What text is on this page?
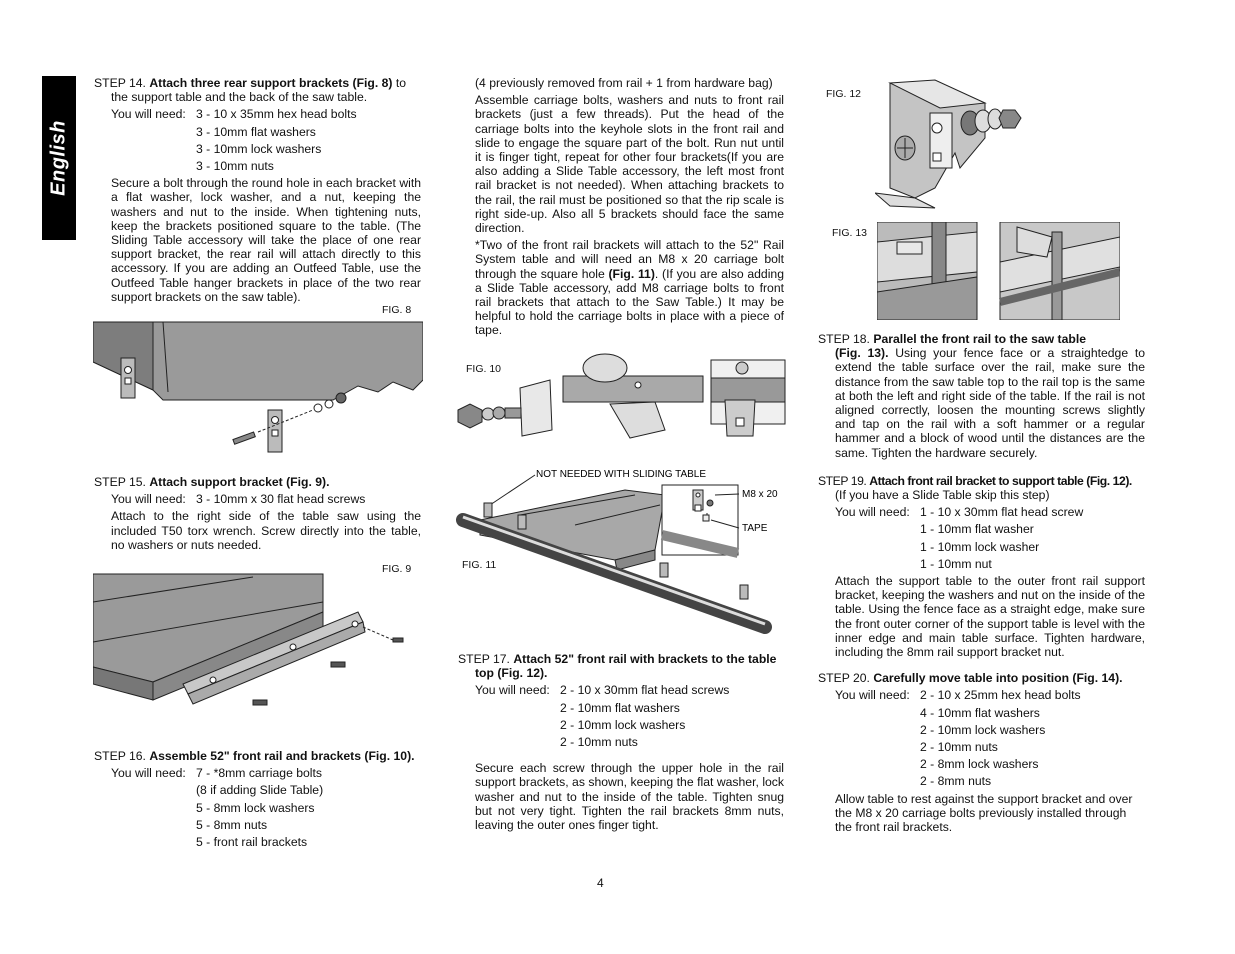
English

STEP 14. Attach three rear support brackets (Fig. 8) to

the support table and the back of the saw table.

You will need: 3 - 10 x 35mm hex head bolts

3 - 10mm flat washers

3 - 10mm lock washers

3 - 10mm nuts

Secure a bolt through the round hole in each bracket with a flat washer, lock washer, and a nut, keeping the washers and nut to the inside. When tightening nuts, keep the brackets positioned square to the table. (The Sliding Table accessory will take the place of one rear support bracket, the rear rail will attach directly to this accessory. If you are adding an Outfeed Table, use the Outfeed Table hanger brackets in place of the two rear support brackets on the saw table).

FIG. 8

STEP 15. Attach support bracket (Fig. 9).

You will need: 3 - 10mm x 30 flat head screws

Attach to the right side of the table saw using the included T50 torx wrench. Screw directly into the table, no washers or nuts needed.

FIG. 9

STEP 16. Assemble 52" front rail and brackets (Fig. 10).

You will need: 7 - *8mm carriage bolts

(8 if adding Slide Table)

5 - 8mm lock washers

5 - 8mm nuts

5 - front rail brackets

(4 previously removed from rail + 1 from hardware bag)

Assemble carriage bolts, washers and nuts to front rail brackets (just a few threads). Put the head of the carriage bolts into the keyhole slots in the front rail and slide to engage the square part of the bolt. Run nut until it is finger tight, repeat for other four brackets(If you are also adding a Slide Table accessory, the left most front rail bracket is not needed). When attaching brackets to the rail, the rail must be positioned so that the rip scale is right side-up. Also all 5 brackets should face the same direction.

*Two of the front rail brackets will attach to the 52" Rail System table and will need an M8 x 20 carriage bolt through the square hole (Fig. 11). (If you are also adding a Slide Table accessory, add M8 carriage bolts to front rail brackets that attach to the Saw Table.) It may be helpful to hold the carriage bolts in place with a piece of tape.

FIG. 10
NOT NEEDED WITH SLIDING TABLE
M8 x 20
TAPE
FIG. 11

STEP 17. Attach 52" front rail with brackets to the table

top (Fig. 12).

You will need: 2 - 10 x 30mm flat head screws

2 - 10mm flat washers

2 - 10mm lock washers

2 - 10mm nuts

Secure each screw through the upper hole in the rail support brackets, as shown, keeping the flat washer, lock washer and nut to the inside of the table. Tighten snug but not very tight. Tighten the rail brackets 8mm nuts, leaving the outer ones finger tight.

FIG. 12
FIG. 13

STEP 18. Parallel the front rail to the saw table

(Fig. 13). Using your fence face or a straightedge to extend the table surface over the rail, make sure the distance from the saw table top to the rail top is the same at both the left and right side of the table. If the rail is not aligned correctly, loosen the mounting screws slightly and tap on the rail with a soft hammer or a regular hammer and a block of wood until the distances are the same. Tighten the hardware securely.

STEP 19. Attach front rail bracket to support table (Fig. 12).

(If you have a Slide Table skip this step)

You will need: 1 - 10 x 30mm flat head screw

1 - 10mm flat washer

1 - 10mm lock washer

1 - 10mm nut

Attach the support table to the outer front rail support bracket, keeping the washers and nut on the inside of the table. Using the fence face as a straight edge, make sure the front outer corner of the support table is level with the inner edge and main table surface. Tighten hardware, including the 8mm rail support bracket nut.

STEP 20. Carefully move table into position (Fig. 14).

You will need: 2 - 10 x 25mm hex head bolts

4 - 10mm flat washers

2 - 10mm lock washers

2 - 10mm nuts

2 - 8mm lock washers

2 - 8mm nuts

Allow table to rest against the support bracket and over the M8 x 20 carriage bolts previously installed through the front rail brackets.

4
